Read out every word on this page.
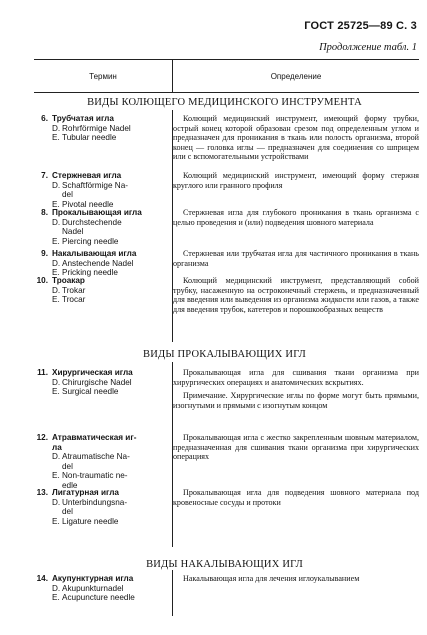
ГОСТ 25725—89 С. 3
Продолжение табл. 1
Термин	Определение
ВИДЫ КОЛЮЩЕГО МЕДИЦИНСКОГО ИНСТРУМЕНТА
6. Трубчатая игла
D. Rohrförmige Nadel
E. Tubular needle

Колющий медицинский инструмент, имеющий форму трубки, острый конец которой образован срезом под определенным углом и предназначен для проникания в ткань или полость организма, второй конец — головка иглы — предназначен для соединения со шприцем или с вспомогательными устройствами

7. Стержневая игла
D. Schaftförmige Na-
del
E. Pivotal needle

Колющий медицинский инструмент, имеющий форму стержня круглого или гранного профиля

8. Прокалывающая игла
D. Durchstechende
Nadel
E. Piercing needle

Стержневая игла для глубокого проникания в ткань организма с целью проведения и (или) подведения шовного материала

9. Накалывающая игла
D. Anstechende Nadel
E. Pricking needle

Стержневая или трубчатая игла для частичного проникания в ткань организма

10. Троакар
D. Trokar
E. Trocar

Колющий медицинский инструмент, представляющий собой трубку, насаженную на остроконечный стержень, и предназначенный для введения или выведения из организма жидкости или газов, а также для введения трубок, катетеров и порошкообразных веществ

ВИДЫ ПРОКАЛЫВАЮЩИХ ИГЛ
11. Хирургическая игла
D. Chirurgische Nadel
E. Surgical needle

Прокалывающая игла для сшивания ткани организма при хирургических операциях и анатомических вскрытиях.

Примечание. Хирургические иглы по форме могут быть прямыми, изогнутыми и прямыми с изогнутым концом

12. Атравматическая иг-
ла
D. Atraumatische Na-
del
E. Non-traumatic ne-
edle

Прокалывающая игла с жестко закрепленным шовным материалом, предназначенная для сшивания ткани организма при хирургических операциях

13. Лигатурная игла
D. Unterbindungsna-
del
E. Ligature needle

Прокалывающая игла для подведения шовного материала под кровеносные сосуды и протоки

ВИДЫ НАКАЛЫВАЮЩИХ ИГЛ
14. Акупунктурная игла
D. Akupunkturnadel
E. Acupuncture needle

Накалывающая игла для лечения иглоукалыванием
